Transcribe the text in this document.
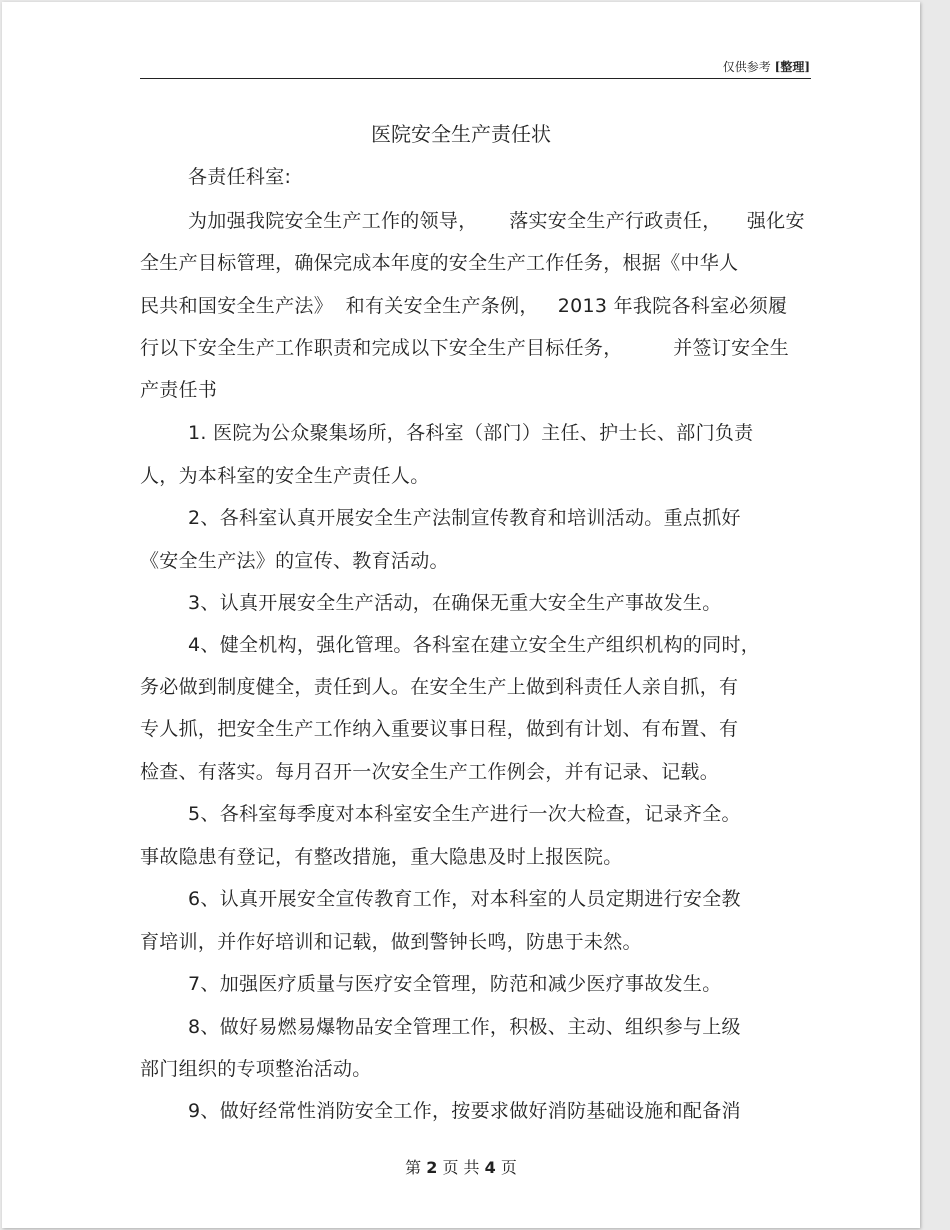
仅供参考 [整理]
医院安全生产责任状
各责任科室:
为加强我院安全生产工作的领导，     落实安全生产行政责任，    强化安
全生产目标管理，确保完成本年度的安全生产工作任务，根据《中华人
民共和国安全生产法》  和有关安全生产条例，   2013 年我院各科室必须履
行以下安全生产工作职责和完成以下安全生产目标任务，        并签订安全生
产责任书
1. 医院为公众聚集场所，各科室（部门）主任、护士长、部门负责
人，为本科室的安全生产责任人。
2、各科室认真开展安全生产法制宣传教育和培训活动。重点抓好
《安全生产法》的宣传、教育活动。
3、认真开展安全生产活动，在确保无重大安全生产事故发生。
4、健全机构，强化管理。各科室在建立安全生产组织机构的同时，
务必做到制度健全，责任到人。在安全生产上做到科责任人亲自抓，有
专人抓，把安全生产工作纳入重要议事日程，做到有计划、有布置、有
检查、有落实。每月召开一次安全生产工作例会，并有记录、记载。
5、各科室每季度对本科室安全生产进行一次大检查，记录齐全。
事故隐患有登记，有整改措施，重大隐患及时上报医院。
6、认真开展安全宣传教育工作，对本科室的人员定期进行安全教
育培训，并作好培训和记载，做到警钟长鸣，防患于未然。
7、加强医疗质量与医疗安全管理，防范和减少医疗事故发生。
8、做好易燃易爆物品安全管理工作，积极、主动、组织参与上级
部门组织的专项整治活动。
9、做好经常性消防安全工作，按要求做好消防基础设施和配备消
第 2 页 共 4 页
